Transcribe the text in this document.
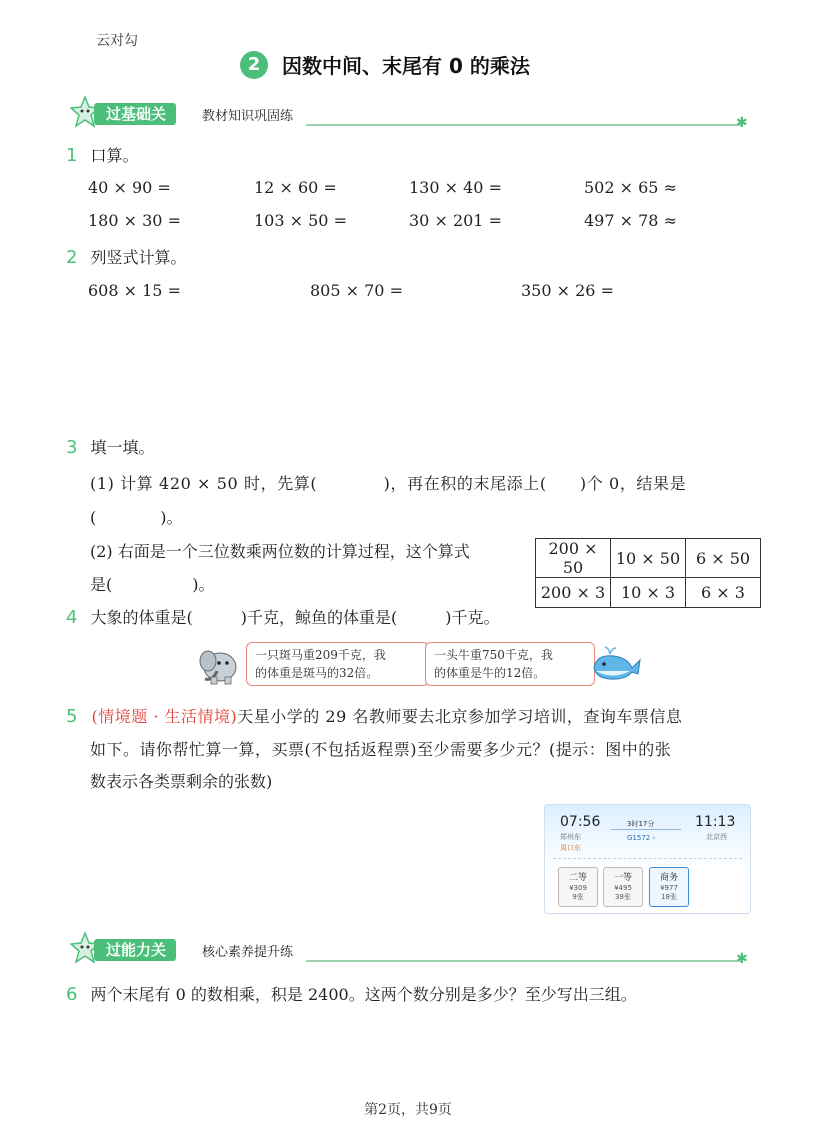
云对勾
2	因数中间、末尾有 0 的乘法
过基础关	教材知识巩固练	✱
1 口算。
40 × 90 =	12 × 60 =	130 × 40 =	502 × 65 ≈
180 × 30 =	103 × 50 =	30 × 201 =	497 × 78 ≈
2 列竖式计算。
608 × 15 =	805 × 70 =	350 × 26 =
3 填一填。
(1) 计算 420 × 50 时，先算(　　　　)，再在积的末尾添上(　　)个 0，结果是
(　　　　)。
(2) 右面是一个三位数乘两位数的计算过程，这个算式
是(　　　　　)。
200 × 50	10 × 50	6 × 50
200 × 3	10 × 3	6 × 3
4 大象的体重是(　　　)千克，鲸鱼的体重是(　　　)千克。
一只斑马重209千克，我
的体重是斑马的32倍。
一头牛重750千克，我
的体重是牛的12倍。
5 (情境题 · 生活情境)天星小学的 29 名教师要去北京参加学习培训，查询车票信息
如下。请你帮忙算一算，买票(不包括返程票)至少需要多少元？(提示：图中的张
数表示各类票剩余的张数)
07:56	11:13
郑州东	北京西
周口东
3时17分
G1572 ›
二等
¥309
9张
一等
¥495
38张
商务
¥977
18张
过能力关	核心素养提升练	✱
6 两个末尾有 0 的数相乘，积是 2400。这两个数分别是多少？至少写出三组。
第2页，共9页
